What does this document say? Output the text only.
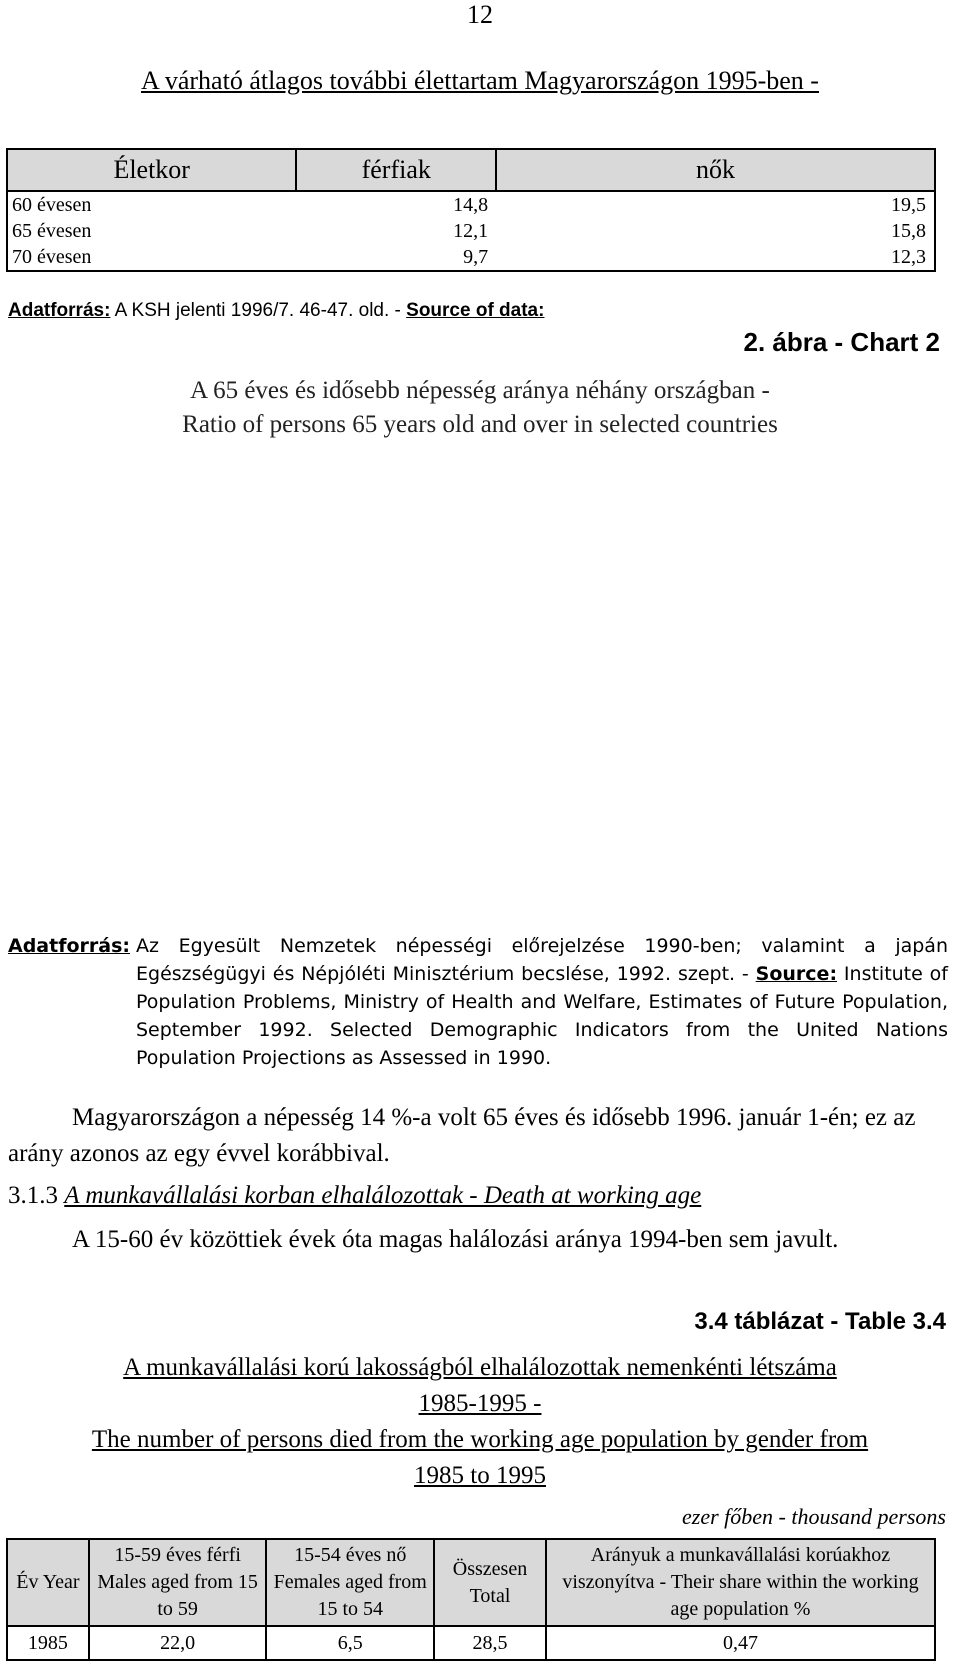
12
A várható átlagos további élettartam Magyarországon 1995-ben -
Életkor	férfiak	nők
60 évesen	14,8	19,5
65 évesen	12,1	15,8
70 évesen	9,7	12,3
Adatforrás: A KSH jelenti 1996/7. 46-47. old. - Source of data:
2. ábra - Chart 2
A 65 éves és idősebb népesség aránya néhány országban -
Ratio of persons 65 years old and over in selected countries
Adatforrás: Az Egyesült Nemzetek népességi előrejelzése 1990-ben; valamint a japán Egészségügyi és Népjóléti Minisztérium becslése, 1992. szept. - Source: Institute of Population Problems, Ministry of Health and Welfare, Estimates of Future Population, September 1992. Selected Demographic Indicators from the United Nations Population Projections as Assessed in 1990.
Magyarországon a népesség 14 %-a volt 65 éves és idősebb 1996. január 1-én; ez az arány azonos az egy évvel korábbival.
3.1.3 A munkavállalási korban elhalálozottak - Death at working age
A 15-60 év közöttiek évek óta magas halálozási aránya 1994-ben sem javult.
3.4 táblázat - Table 3.4
A munkavállalási korú lakosságból elhalálozottak nemenkénti létszáma
1985-1995 -
The number of persons died from the working age population by gender from
1985 to 1995
ezer főben - thousand persons
Év Year	15-59 éves férfi Males aged from 15 to 59	15-54 éves nő Females aged from 15 to 54	Összesen Total	Arányuk a munkavállalási korúakhoz viszonyítva - Their share within the working age population %
1985	22,0	6,5	28,5	0,47
